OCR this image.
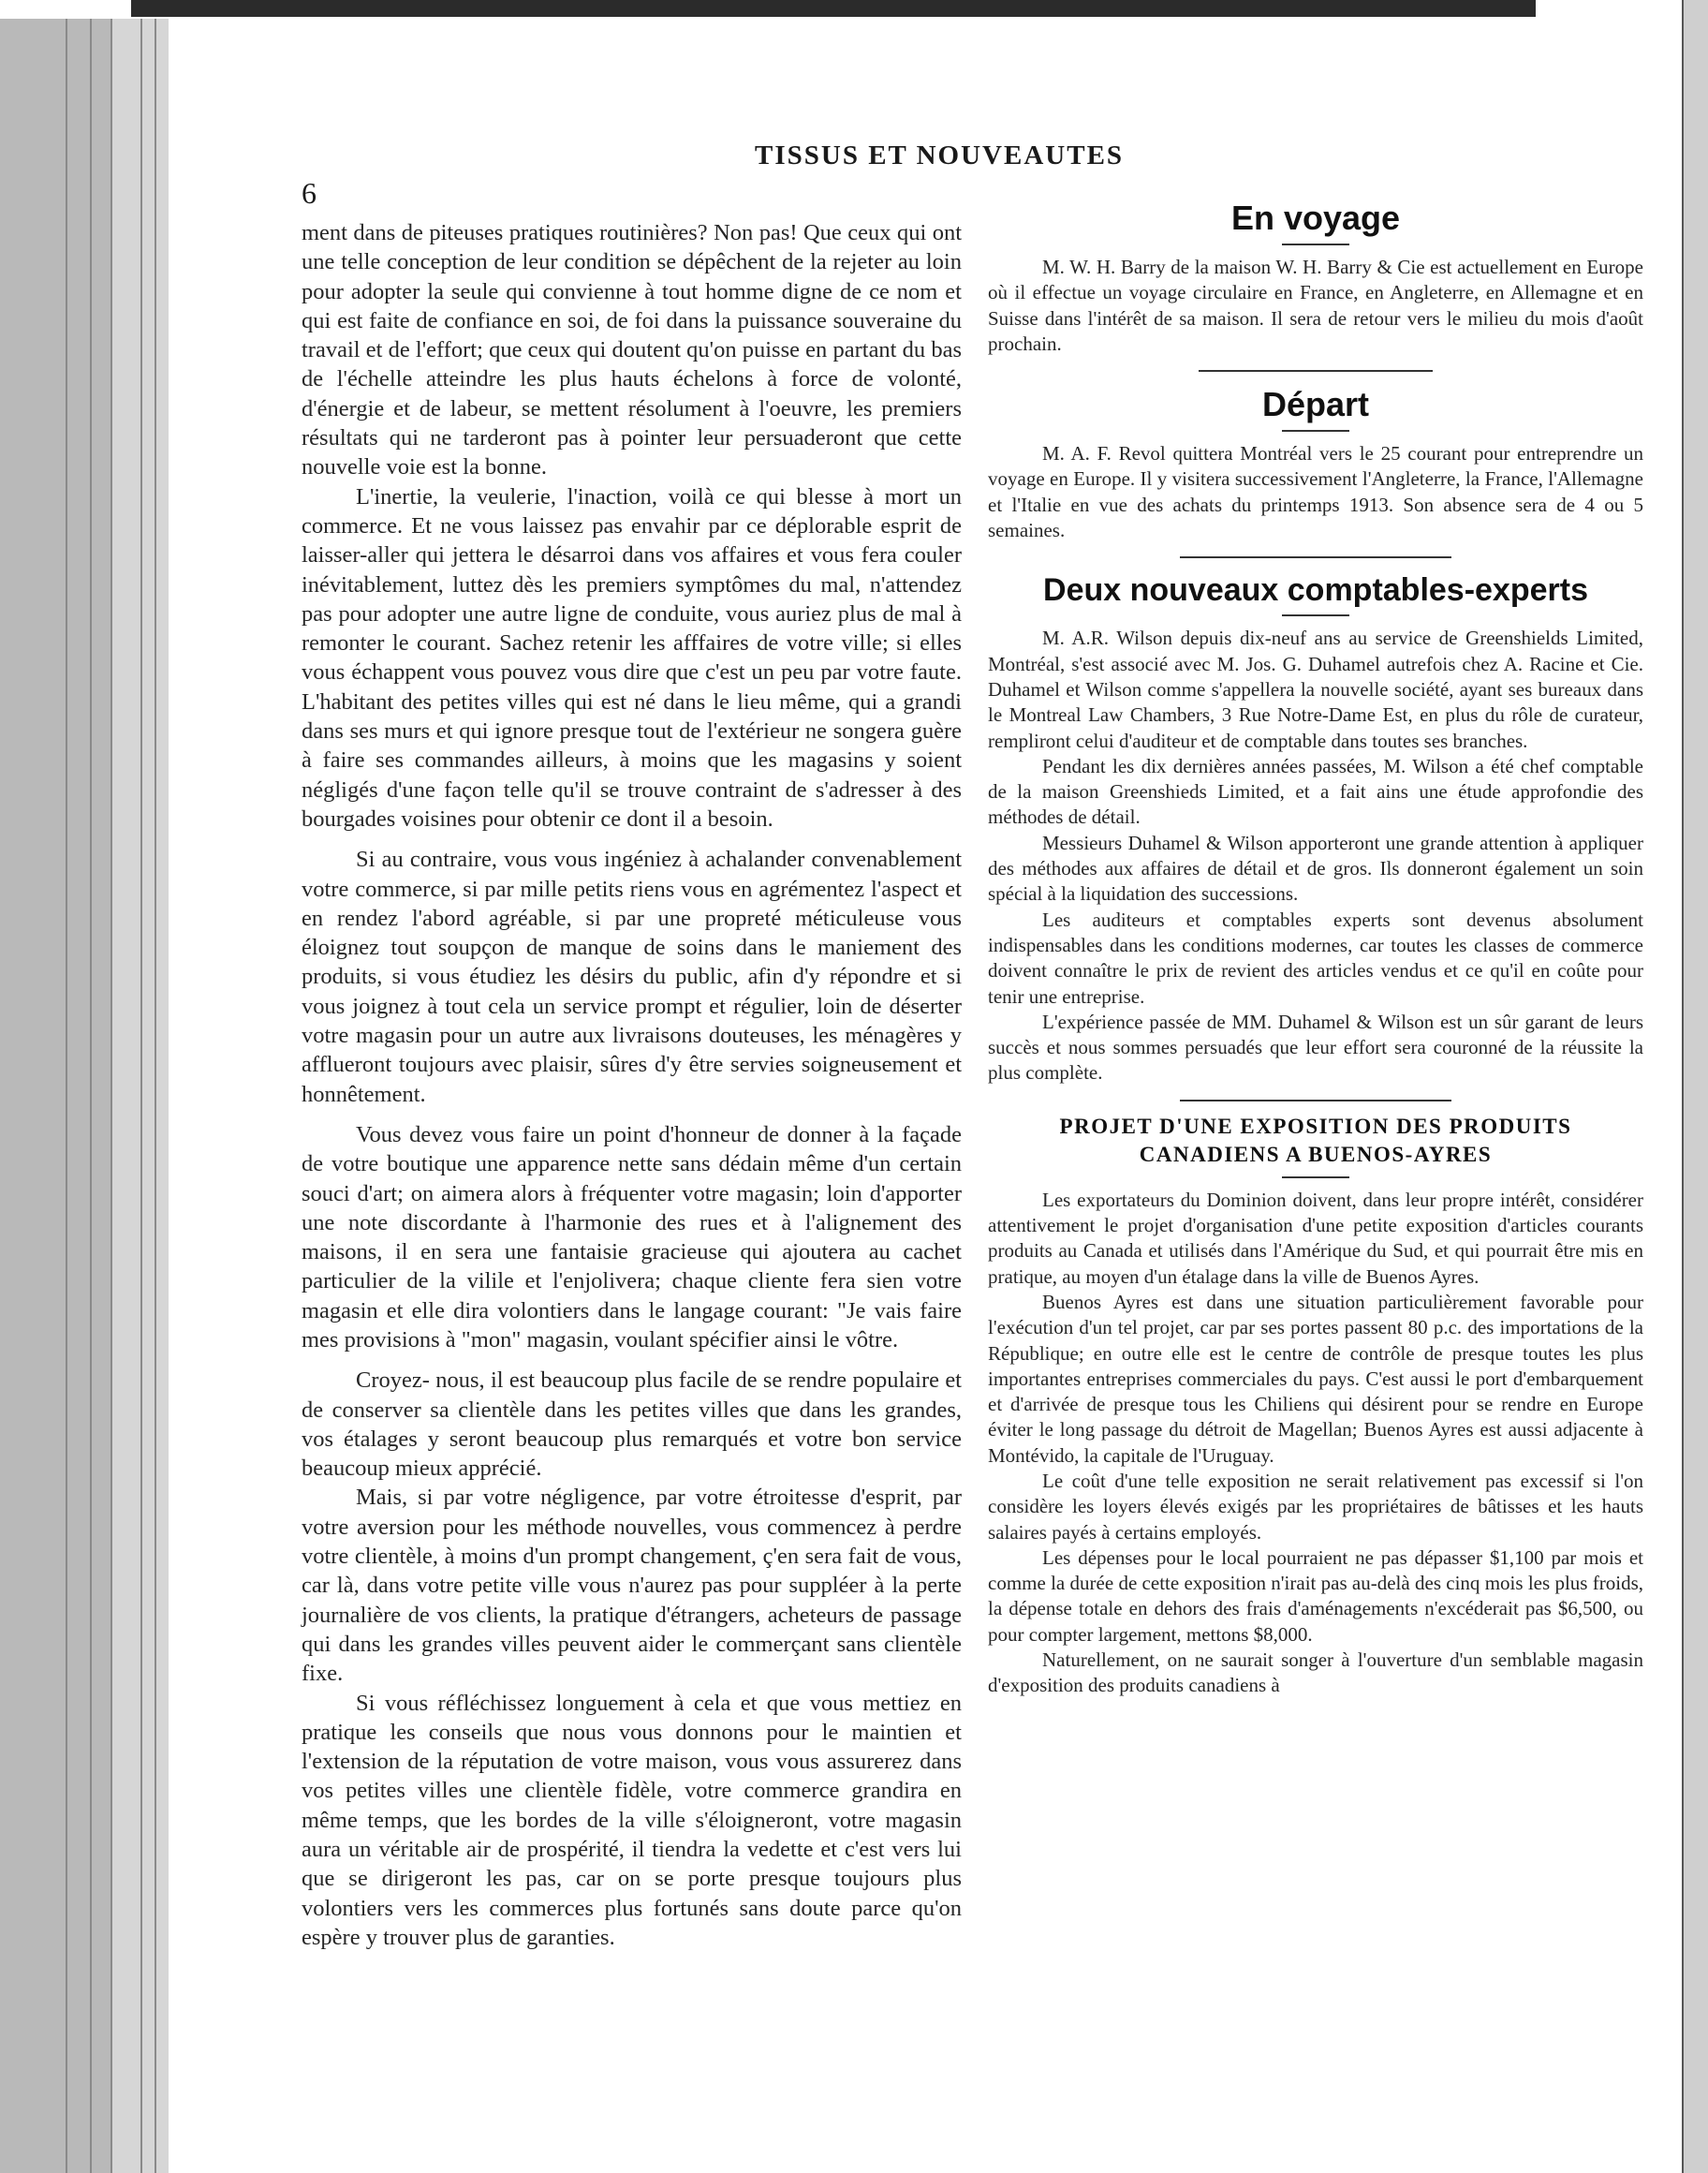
TISSUS ET NOUVEAUTES
6

ment dans de piteuses pratiques routinières? Non pas! Que ceux qui ont une telle conception de leur condition se dépêchent de la rejeter au loin pour adopter la seule qui convienne à tout homme digne de ce nom et qui est faite de confiance en soi, de foi dans la puissance souveraine du travail et de l'effort; que ceux qui doutent qu'on puisse en partant du bas de l'échelle atteindre les plus hauts échelons à force de volonté, d'énergie et de labeur, se mettent résolument à l'oeuvre, les premiers résultats qui ne tarderont pas à pointer leur persuaderont que cette nouvelle voie est la bonne.

L'inertie, la veulerie, l'inaction, voilà ce qui blesse à mort un commerce. Et ne vous laissez pas envahir par ce déplorable esprit de laisser-aller qui jettera le désarroi dans vos affaires et vous fera couler inévitablement, luttez dès les premiers symptômes du mal, n'attendez pas pour adopter une autre ligne de conduite, vous auriez plus de mal à remonter le courant. Sachez retenir les afffaires de votre ville; si elles vous échappent vous pouvez vous dire que c'est un peu par votre faute. L'habitant des petites villes qui est né dans le lieu même, qui a grandi dans ses murs et qui ignore presque tout de l'extérieur ne songera guère à faire ses commandes ailleurs, à moins que les magasins y soient négligés d'une façon telle qu'il se trouve contraint de s'adresser à des bourgades voisines pour obtenir ce dont il a besoin.

Si au contraire, vous vous ingéniez à achalander convenablement votre commerce, si par mille petits riens vous en agrémentez l'aspect et en rendez l'abord agréable, si par une propreté méticuleuse vous éloignez tout soupçon de manque de soins dans le maniement des produits, si vous étudiez les désirs du public, afin d'y répondre et si vous joignez à tout cela un service prompt et régulier, loin de déserter votre magasin pour un autre aux livraisons douteuses, les ménagères y afflueront toujours avec plaisir, sûres d'y être servies soigneusement et honnêtement.

Vous devez vous faire un point d'honneur de donner à la façade de votre boutique une apparence nette sans dédain même d'un certain souci d'art; on aimera alors à fréquenter votre magasin; loin d'apporter une note discordante à l'harmonie des rues et à l'alignement des maisons, il en sera une fantaisie gracieuse qui ajoutera au cachet particulier de la vilile et l'enjolivera; chaque cliente fera sien votre magasin et elle dira volontiers dans le langage courant: "Je vais faire mes provisions à "mon" magasin, voulant spécifier ainsi le vôtre.

Croyez- nous, il est beaucoup plus facile de se rendre populaire et de conserver sa clientèle dans les petites villes que dans les grandes, vos étalages y seront beaucoup plus remarqués et votre bon service beaucoup mieux apprécié.

Mais, si par votre négligence, par votre étroitesse d'esprit, par votre aversion pour les méthode nouvelles, vous commencez à perdre votre clientèle, à moins d'un prompt changement, ç'en sera fait de vous, car là, dans votre petite ville vous n'aurez pas pour suppléer à la perte journalière de vos clients, la pratique d'étrangers, acheteurs de passage qui dans les grandes villes peuvent aider le commerçant sans clientèle fixe.

Si vous réfléchissez longuement à cela et que vous mettiez en pratique les conseils que nous vous donnons pour le maintien et l'extension de la réputation de votre maison, vous vous assurerez dans vos petites villes une clientèle fidèle, votre commerce grandira en même temps, que les bordes de la ville s'éloigneront, votre magasin aura un véritable air de prospérité, il tiendra la vedette et c'est vers lui que se dirigeront les pas, car on se porte presque toujours plus volontiers vers les commerces plus fortunés sans doute parce qu'on espère y trouver plus de garanties.

En voyage

M. W. H. Barry de la maison W. H. Barry & Cie est actuellement en Europe où il effectue un voyage circulaire en France, en Angleterre, en Allemagne et en Suisse dans l'intérêt de sa maison. Il sera de retour vers le milieu du mois d'août prochain.

Départ

M. A. F. Revol quittera Montréal vers le 25 courant pour entreprendre un voyage en Europe. Il y visitera successivement l'Angleterre, la France, l'Allemagne et l'Italie en vue des achats du printemps 1913. Son absence sera de 4 ou 5 semaines.

Deux nouveaux comptables-experts

M. A.R. Wilson depuis dix-neuf ans au service de Greenshields Limited, Montréal, s'est associé avec M. Jos. G. Duhamel autrefois chez A. Racine et Cie. Duhamel et Wilson comme s'appellera la nouvelle société, ayant ses bureaux dans le Montreal Law Chambers, 3 Rue Notre-Dame Est, en plus du rôle de curateur, rempliront celui d'auditeur et de comptable dans toutes ses branches.

Pendant les dix dernières années passées, M. Wilson a été chef comptable de la maison Greenshieds Limited, et a fait ains une étude approfondie des méthodes de détail.

Messieurs Duhamel & Wilson apporteront une grande attention à appliquer des méthodes aux affaires de détail et de gros. Ils donneront également un soin spécial à la liquidation des successions.

Les auditeurs et comptables experts sont devenus absolument indispensables dans les conditions modernes, car toutes les classes de commerce doivent connaître le prix de revient des articles vendus et ce qu'il en coûte pour tenir une entreprise.

L'expérience passée de MM. Duhamel & Wilson est un sûr garant de leurs succès et nous sommes persuadés que leur effort sera couronné de la réussite la plus complète.

PROJET D'UNE EXPOSITION DES PRODUITS CANADIENS A BUENOS-AYRES

Les exportateurs du Dominion doivent, dans leur propre intérêt, considérer attentivement le projet d'organisation d'une petite exposition d'articles courants produits au Canada et utilisés dans l'Amérique du Sud, et qui pourrait être mis en pratique, au moyen d'un étalage dans la ville de Buenos Ayres.

Buenos Ayres est dans une situation particulièrement favorable pour l'exécution d'un tel projet, car par ses portes passent 80 p.c. des importations de la République; en outre elle est le centre de contrôle de presque toutes les plus importantes entreprises commerciales du pays. C'est aussi le port d'embarquement et d'arrivée de presque tous les Chiliens qui désirent pour se rendre en Europe éviter le long passage du détroit de Magellan; Buenos Ayres est aussi adjacente à Montévido, la capitale de l'Uruguay.

Le coût d'une telle exposition ne serait relativement pas excessif si l'on considère les loyers élevés exigés par les propriétaires de bâtisses et les hauts salaires payés à certains employés.

Les dépenses pour le local pourraient ne pas dépasser $1,100 par mois et comme la durée de cette exposition n'irait pas au-delà des cinq mois les plus froids, la dépense totale en dehors des frais d'aménagements n'excéderait pas $6,500, ou pour compter largement, mettons $8,000.

Naturellement, on ne saurait songer à l'ouverture d'un semblable magasin d'exposition des produits canadiens à
